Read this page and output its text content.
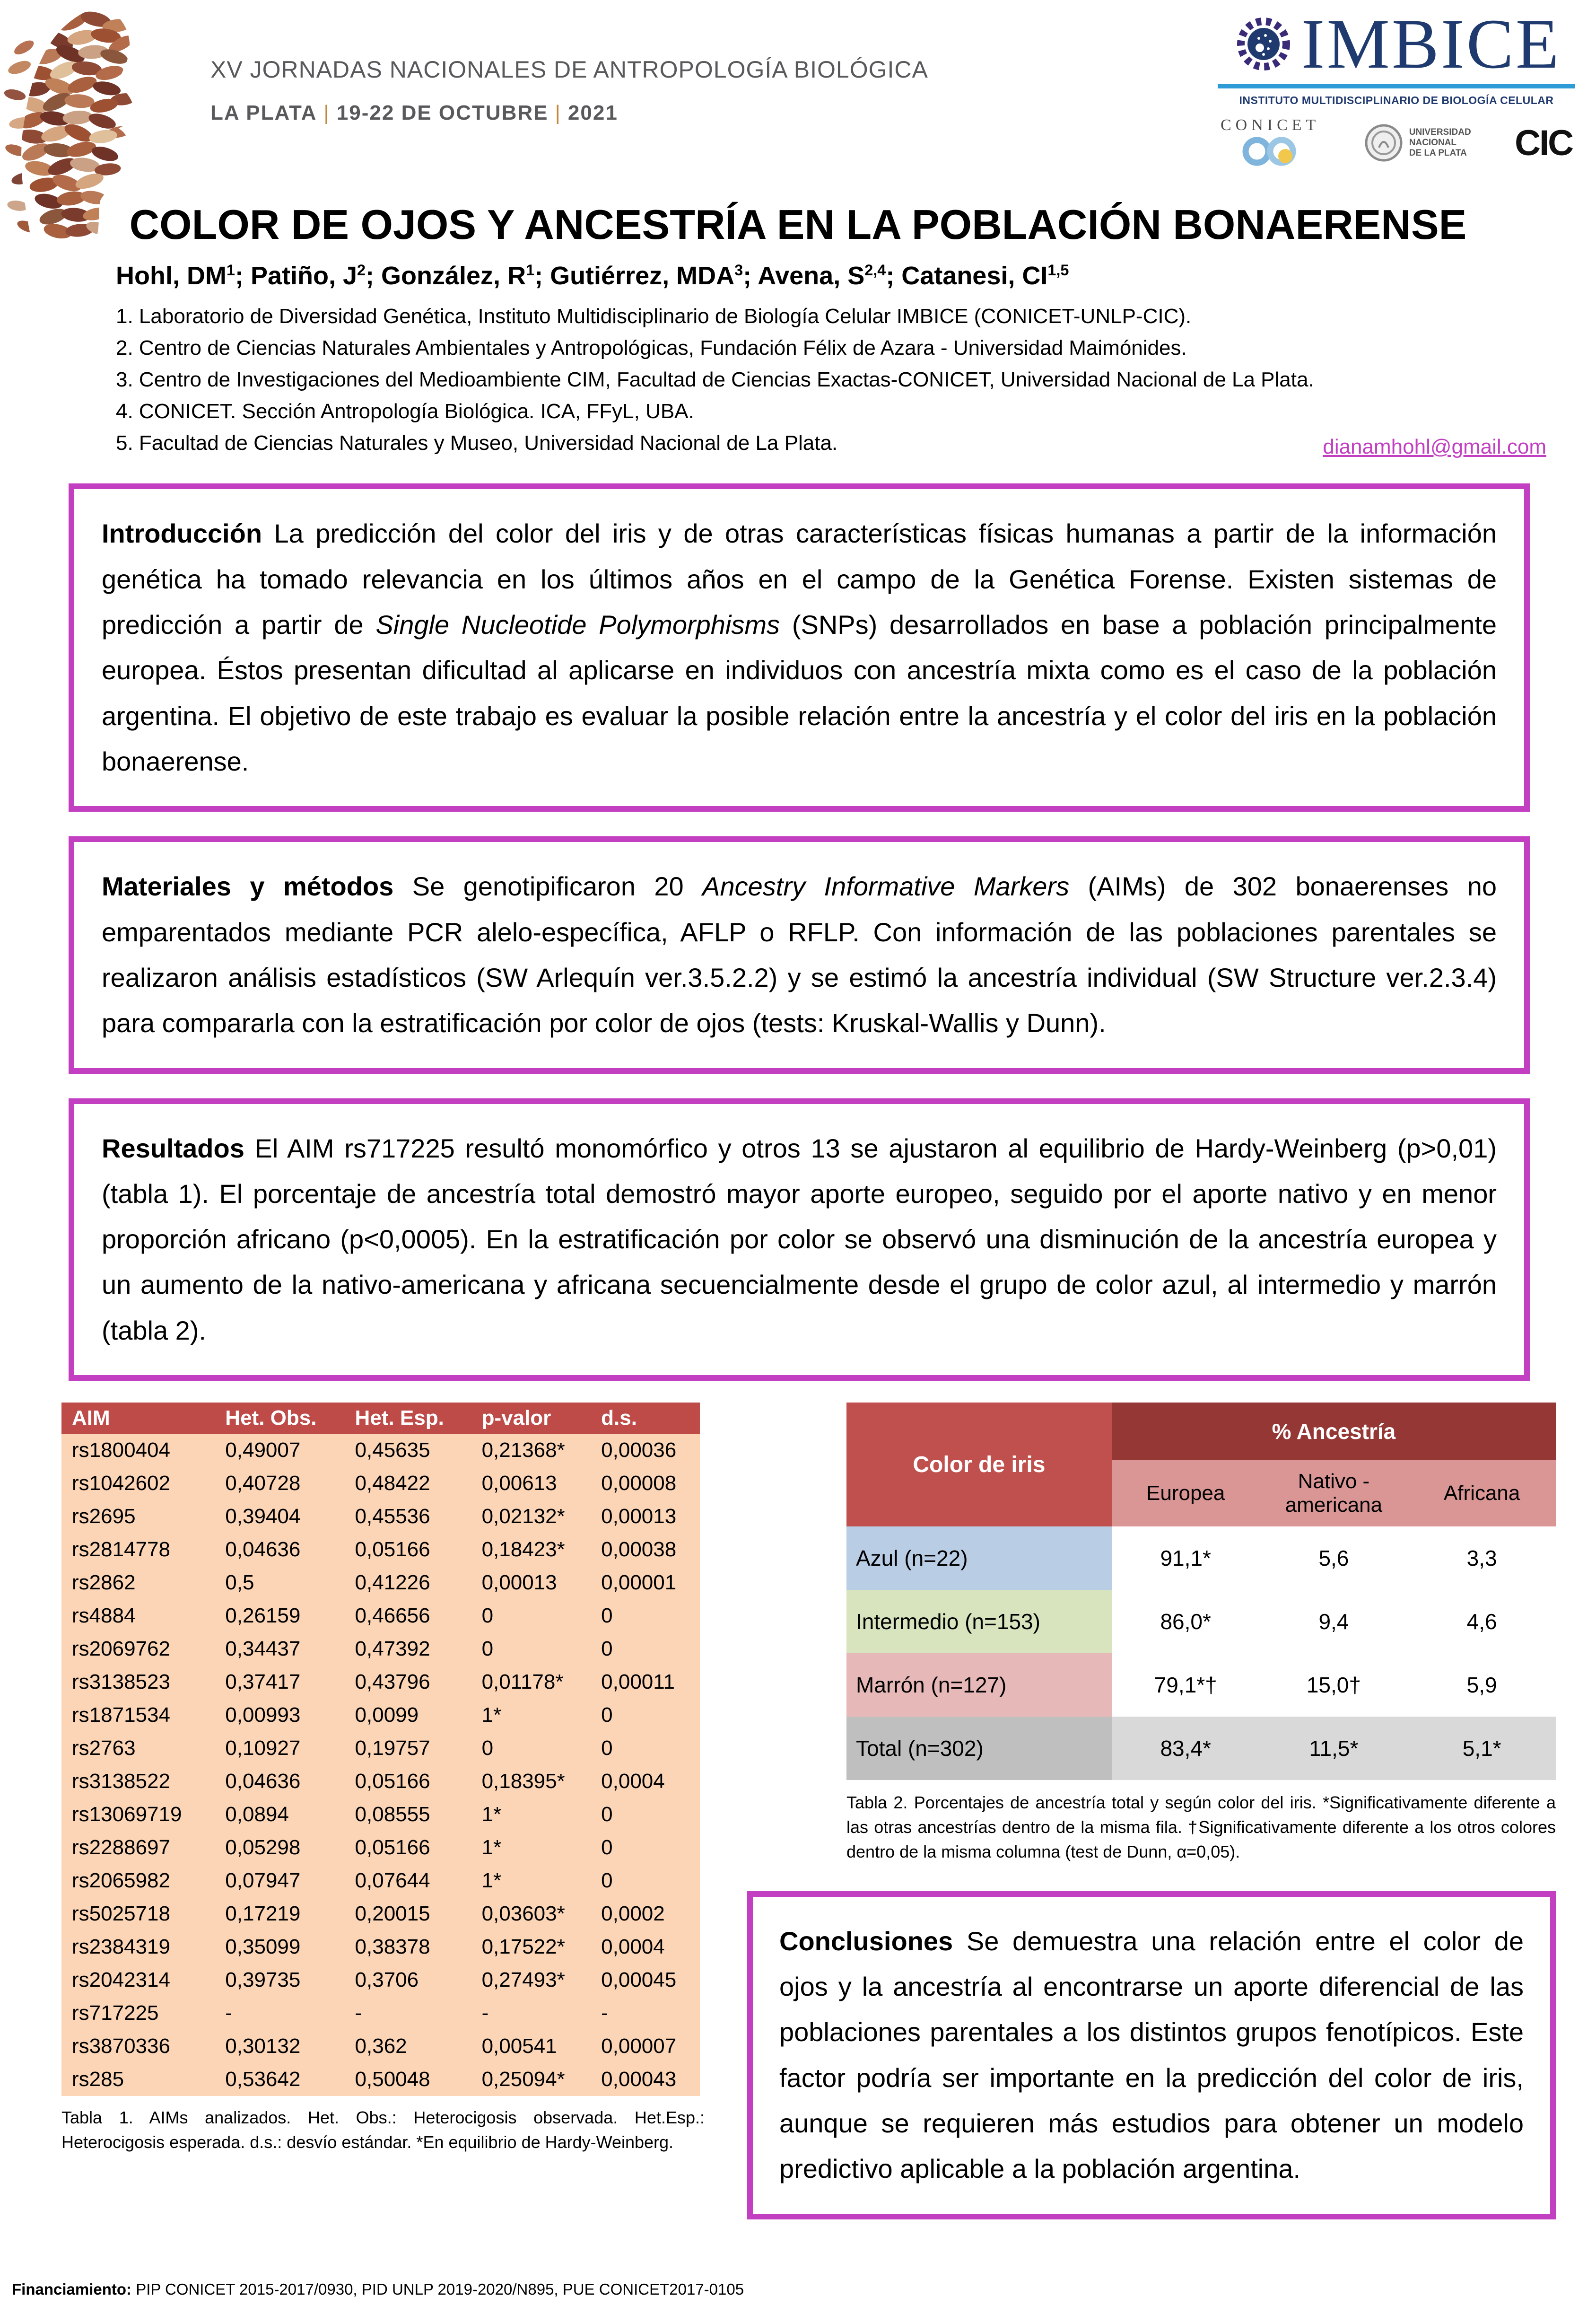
XV JORNADAS NACIONALES DE ANTROPOLOGÍA BIOLÓGICA
LA PLATA | 19-22 DE OCTUBRE | 2021
IMBICE
INSTITUTO MULTIDISCIPLINARIO DE BIOLOGÍA CELULAR
CONICET	UNIVERSIDAD
NACIONAL
DE LA PLATA CIC
COLOR DE OJOS Y ANCESTRÍA EN LA POBLACIÓN BONAERENSE
Hohl, $DM^1$; Patiño, $J^2$; González, $R^1$; Gutiérrez, MDA$^3$; Avena, S$^{2,4}$; Catanesi, CI$^{1,5}$
1. Laboratorio de Diversidad Genética, Instituto Multidisciplinario de Biología Celular IMBICE (CONICET-UNLP-CIC).
2. Centro de Ciencias Naturales Ambientales y Antropológicas, Fundación Félix de Azara - Universidad Maimónides.
3. Centro de Investigaciones del Medioambiente CIM, Facultad de Ciencias Exactas-CONICET, Universidad Nacional de La Plata.
4. CONICET. Sección Antropología Biológica. ICA, FFyL, UBA.
5. Facultad de Ciencias Naturales y Museo, Universidad Nacional de La Plata.	dianamhohl@gmail.com
Introducción La predicción del color del iris y de otras características físicas humanas a partir de la información genética ha tomado relevancia en los últimos años en el campo de la Genética Forense. Existen sistemas de predicción a partir de Single Nucleotide Polymorphisms (SNPs) desarrollados en base a población principalmente europea. Éstos presentan dificultad al aplicarse en individuos con ancestría mixta como es el caso de la población argentina. El objetivo de este trabajo es evaluar la posible relación entre la ancestría y el color del iris en la población bonaerense.
Materiales y métodos Se genotipificaron 20 Ancestry Informative Markers (AIMs) de 302 bonaerenses no emparentados mediante PCR alelo-específica, AFLP o RFLP. Con información de las poblaciones parentales se realizaron análisis estadísticos (SW Arlequín ver.3.5.2.2) y se estimó la ancestría individual (SW Structure ver.2.3.4) para compararla con la estratificación por color de ojos (tests: Kruskal-Wallis y Dunn).
Resultados El AIM rs717225 resultó monomórfico y otros 13 se ajustaron al equilibrio de Hardy-Weinberg (p>0,01) (tabla 1). El porcentaje de ancestría total demostró mayor aporte europeo, seguido por el aporte nativo y en menor proporción africano (p<0,0005). En la estratificación por color se observó una disminución de la ancestría europea y un aumento de la nativo-americana y africana secuencialmente desde el grupo de color azul, al intermedio y marrón (tabla 2).
AIM	Het. Obs.	Het. Esp.	p-valor	d.s.
rs1800404	0,49007	0,45635	0,21368*	0,00036
rs1042602	0,40728	0,48422	0,00613	0,00008
rs2695	0,39404	0,45536	0,02132*	0,00013
rs2814778	0,04636	0,05166	0,18423*	0,00038
rs2862	0,5	0,41226	0,00013	0,00001
rs4884	0,26159	0,46656	0	0
rs2069762	0,34437	0,47392	0	0
rs3138523	0,37417	0,43796	0,01178*	0,00011
rs1871534	0,00993	0,0099	1*	0
rs2763	0,10927	0,19757	0	0
rs3138522	0,04636	0,05166	0,18395*	0,0004
rs13069719	0,0894	0,08555	1*	0
rs2288697	0,05298	0,05166	1*	0
rs2065982	0,07947	0,07644	1*	0
rs5025718	0,17219	0,20015	0,03603*	0,0002
rs2384319	0,35099	0,38378	0,17522*	0,0004
rs2042314	0,39735	0,3706	0,27493*	0,00045
rs717225	-	-	-	-
rs3870336	0,30132	0,362	0,00541	0,00007
rs285	0,53642	0,50048	0,25094*	0,00043
Tabla 1. AIMs analizados. Het. Obs.: Heterocigosis observada. Het.Esp.: Heterocigosis esperada. d.s.: desvío estándar. *En equilibrio de Hardy-Weinberg.
Color de iris	% Ancestría		
	Europea	Nativo - americana	Africana
Azul (n=22)	91,1*	5,6	3,3
Intermedio (n=153)	86,0*	9,4	4,6
Marrón (n=127)	79,1*†	15,0†	5,9
Total (n=302)	83,4*	11,5*	5,1*
Tabla 2. Porcentajes de ancestría total y según color del iris. *Significativamente diferente a las otras ancestrías dentro de la misma fila. †Significativamente diferente a los otros colores dentro de la misma columna (test de Dunn, α=0,05).
Conclusiones Se demuestra una relación entre el color de ojos y la ancestría al encontrarse un aporte diferencial de las poblaciones parentales a los distintos grupos fenotípicos. Este factor podría ser importante en la predicción del color de iris, aunque se requieren más estudios para obtener un modelo predictivo aplicable a la población argentina.
Financiamiento: PIP CONICET 2015-2017/0930, PID UNLP 2019-2020/N895, PUE CONICET2017-0105
